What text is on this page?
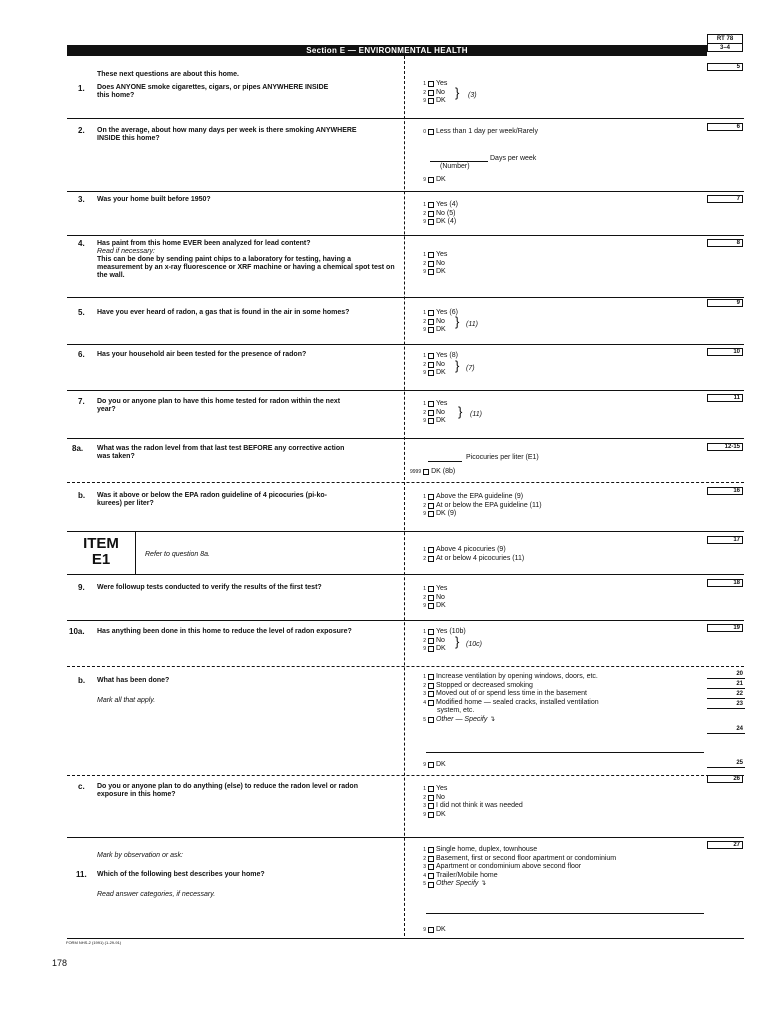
RT 78
3–4
Section E — ENVIRONMENTAL HEALTH
5
These next questions are about this home.
1. Does ANYONE smoke cigarettes, cigars, or pipes ANYWHERE INSIDE this home?
1 Yes
2 No
9 DK
} (3)
6
2. On the average, about how many days per week is there smoking ANYWHERE INSIDE this home?
0 Less than 1 day per week/Rarely
Days per week
(Number)
9 DK
7
3. Was your home built before 1950?
1 Yes (4)
2 No (5)
9 DK (4)
8
4. Has paint from this home EVER been analyzed for lead content?
Read if necessary:
This can be done by sending paint chips to a laboratory for testing, having a measurement by an x-ray fluorescence or XRF machine or having a chemical spot test on the wall.
1 Yes
2 No
9 DK
9
5. Have you ever heard of radon, a gas that is found in the air in some homes?	1 Yes (6)
2 No
9 DK
} (11)
10
6. Has your household air been tested for the presence of radon?	1 Yes (8)
2 No
9 DK } (7)
11
7. Do you or anyone plan to have this home tested for radon within the next year?
1 Yes
2 No
9 DK
} (11)
12-15
8a. What was the radon level from that last test BEFORE any corrective action was taken?	Picocuries per liter (E1)
9999 DK (8b)
16
b. Was it above or below the EPA radon guideline of 4 picocuries (pi-ko-kurees) per liter?
1 Above the EPA guideline (9)
2 At or below the EPA guideline (11)
9 DK (9)
17
ITEM
E1	Refer to question 8a.
1 Above 4 picocuries (9)
2 At or below 4 picocuries (11)
18
9. Were followup tests conducted to verify the results of the first test?	1 Yes
2 No
9 DK
19
10a. Has anything been done in this home to reduce the level of radon exposure?	1 Yes (10b)
2 No
9 DK } (10c)
b. What has been done?
Mark all that apply.
1 Increase ventilation by opening windows, doors, etc.
2 Stopped or decreased smoking
3 Moved out of or spend less time in the basement
4 Modified home — sealed cracks, installed ventilation
system, etc.
5 Other — Specify ↴
20
21
22
23
24
9 DK	25
26
c. Do you or anyone plan to do anything (else) to reduce the radon level or radon exposure in this home?
1 Yes
2 No
3 I did not think it was needed
9 DK
27
Mark by observation or ask:
11. Which of the following best describes your home?
Read answer categories, if necessary.
1 Single home, duplex, townhouse
2 Basement, first or second floor apartment or condominium
3 Apartment or condominium above second floor
4 Trailer/Mobile home
5 Other Specify ↴
9 DK
FORM NHS-2 (1991) (1-29-91)
178
